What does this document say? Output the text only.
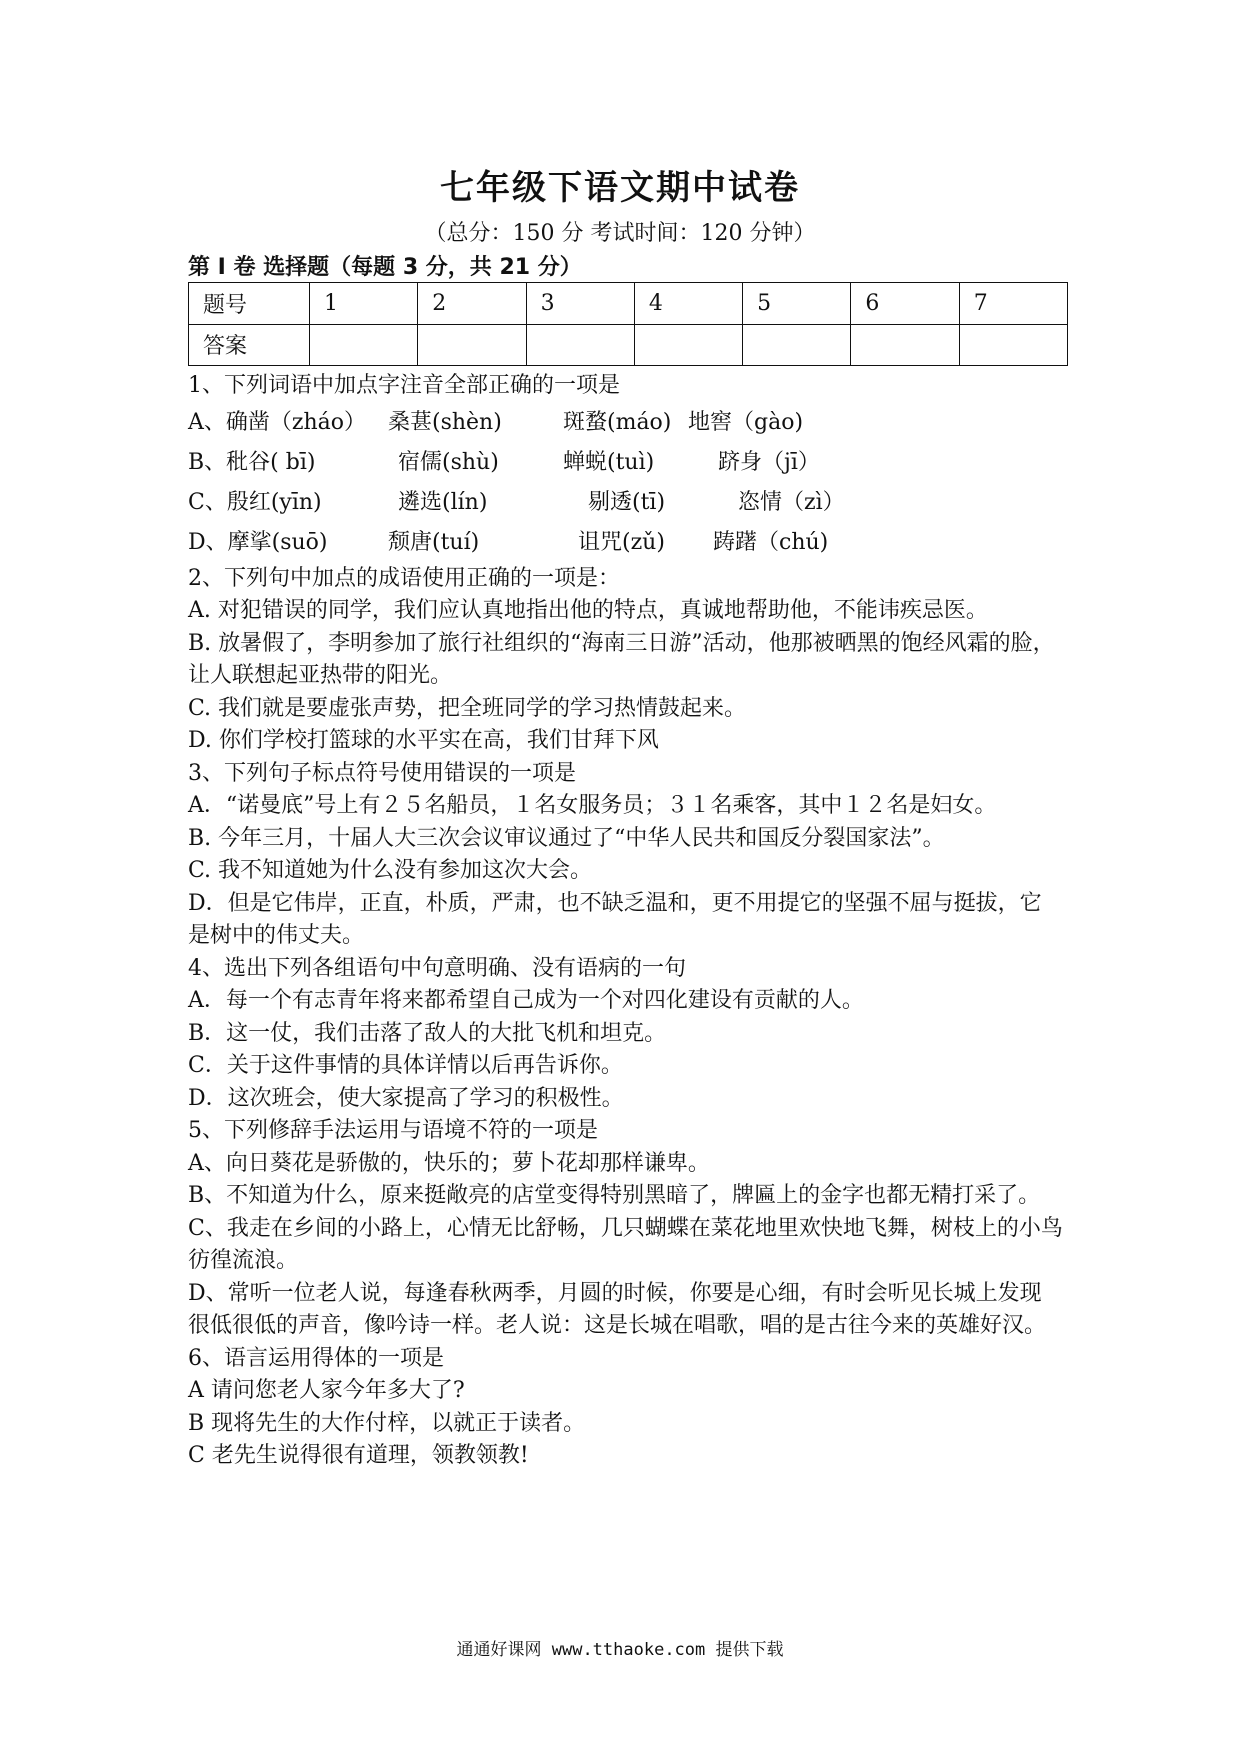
七年级下语文期中试卷
（总分：150 分 考试时间：120 分钟）
第 I 卷 选择题（每题 3 分，共 21 分）
题号	1	2	3	4	5	6	7
答案							

1、下列词语中加点字注音全部正确的一项是

A、确凿（zháo） 桑葚(shèn)	斑蝥(máo) 地窖（gào)
B、秕谷( bī)	宿儒(shù)	蝉蜕(tuì)	跻身（jī）
C、殷红(yīn)	遴选(lín)	剔透(tī)	恣情（zì）
D、摩挲(suō)	颓唐(tuí)	诅咒(zǔ)	踌躇（chú)

2、下列句中加点的成语使用正确的一项是：

A. 对犯错误的同学，我们应认真地指出他的特点，真诚地帮助他，不能讳疾忌医。

B. 放暑假了，李明参加了旅行社组织的“海南三日游”活动，他那被晒黑的饱经风霜的脸，让人联想起亚热带的阳光。

C. 我们就是要虚张声势，把全班同学的学习热情鼓起来。

D. 你们学校打篮球的水平实在高，我们甘拜下风

3、下列句子标点符号使用错误的一项是

A．“诺曼底”号上有２５名船员，１名女服务员；３１名乘客，其中１２名是妇女。

B. 今年三月，十届人大三次会议审议通过了“中华人民共和国反分裂国家法”。

C. 我不知道她为什么没有参加这次大会。

D．但是它伟岸，正直，朴质，严肃，也不缺乏温和，更不用提它的坚强不屈与挺拔，它是树中的伟丈夫。

4、选出下列各组语句中句意明确、没有语病的一句

A．每一个有志青年将来都希望自己成为一个对四化建设有贡献的人。

B．这一仗，我们击落了敌人的大批飞机和坦克。

C．关于这件事情的具体详情以后再告诉你。

D．这次班会，使大家提高了学习的积极性。

5、下列修辞手法运用与语境不符的一项是

A、向日葵花是骄傲的，快乐的；萝卜花却那样谦卑。

B、不知道为什么，原来挺敞亮的店堂变得特别黑暗了，牌匾上的金字也都无精打采了。

C、我走在乡间的小路上，心情无比舒畅，几只蝴蝶在菜花地里欢快地飞舞，树枝上的小鸟彷徨流浪。

D、常听一位老人说，每逢春秋两季，月圆的时候，你要是心细，有时会听见长城上发现很低很低的声音，像吟诗一样。老人说：这是长城在唱歌，唱的是古往今来的英雄好汉。

6、语言运用得体的一项是

A 请问您老人家今年多大了?

B 现将先生的大作付梓，以就正于读者。

C 老先生说得很有道理，领教领教!

通通好课网 www.tthaoke.com 提供下载
